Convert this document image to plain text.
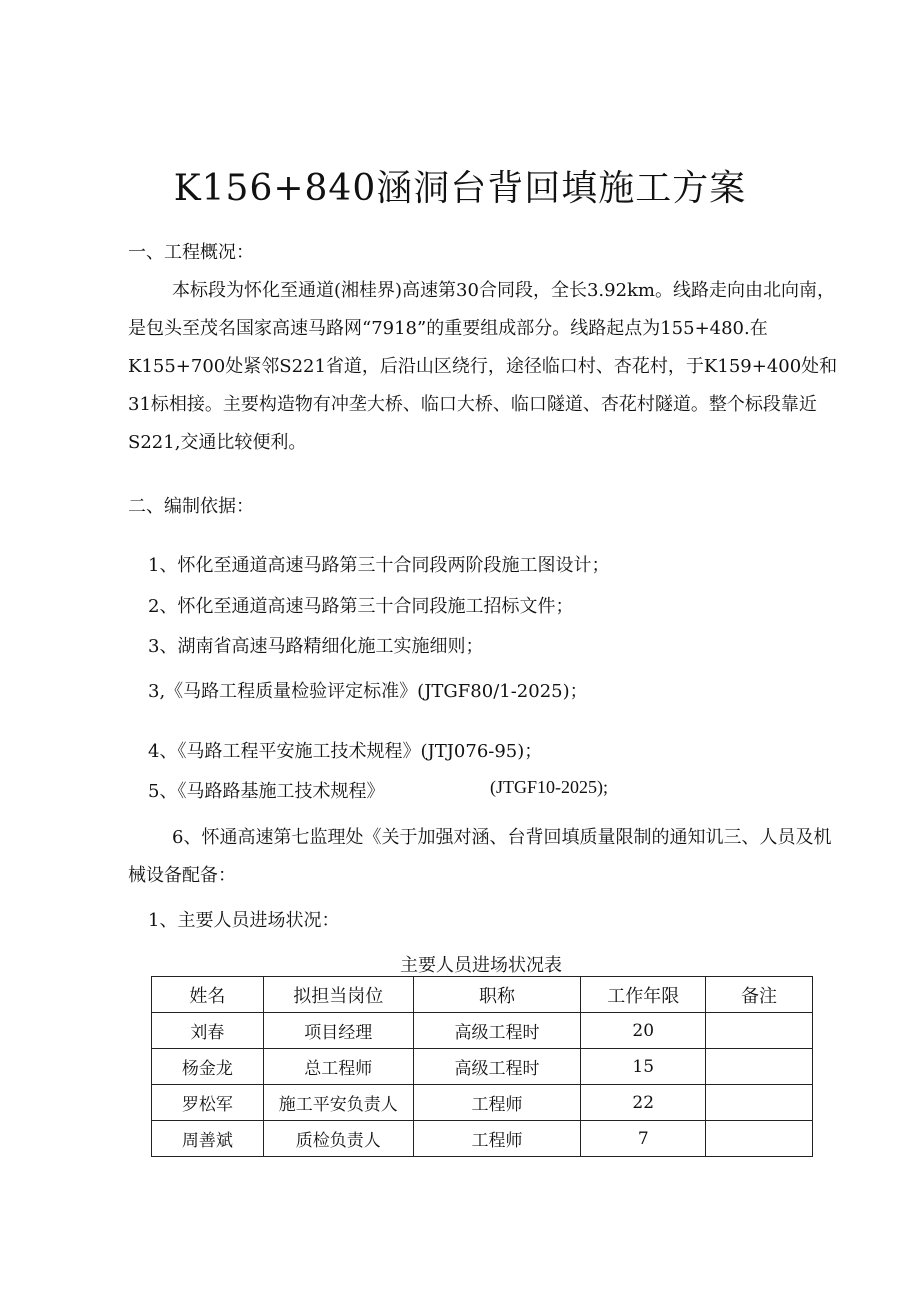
K156+840涵洞台背回填施工方案
一、工程概况：

本标段为怀化至通道(湘桂界)高速第30合同段，全长3.92km。线路走向由北向南，是包头至茂名国家高速马路网“7918”的重要组成部分。线路起点为155+480.在K155+700处紧邻S221省道，后沿山区绕行，途径临口村、杏花村，于K159+400处和31标相接。主要构造物有冲垄大桥、临口大桥、临口隧道、杏花村隧道。整个标段靠近S221,交通比较便利。

二、编制依据：
1、怀化至通道高速马路第三十合同段两阶段施工图设计；
2、怀化至通道高速马路第三十合同段施工招标文件；
3、湖南省高速马路精细化施工实施细则；
3,《马路工程质量检验评定标准》(JTGF80/1-2025)；
4、《马路工程平安施工技术规程》(JTJ076-95)；
5、《马路路基施工技术规程》	(JTGF10-2025);

6、怀通高速第七监理处《关于加强对涵、台背回填质量限制的通知讥三、人员及机械设备配备：

1、主要人员进场状况：
主要人员进场状况表
姓名	拟担当岗位	职称	工作年限	备注
刘春	项目经理	高级工程时	20	
杨金龙	总工程师	高级工程时	15	
罗松军	施工平安负责人	工程师	22	
周善斌	质检负责人	工程师	7	
